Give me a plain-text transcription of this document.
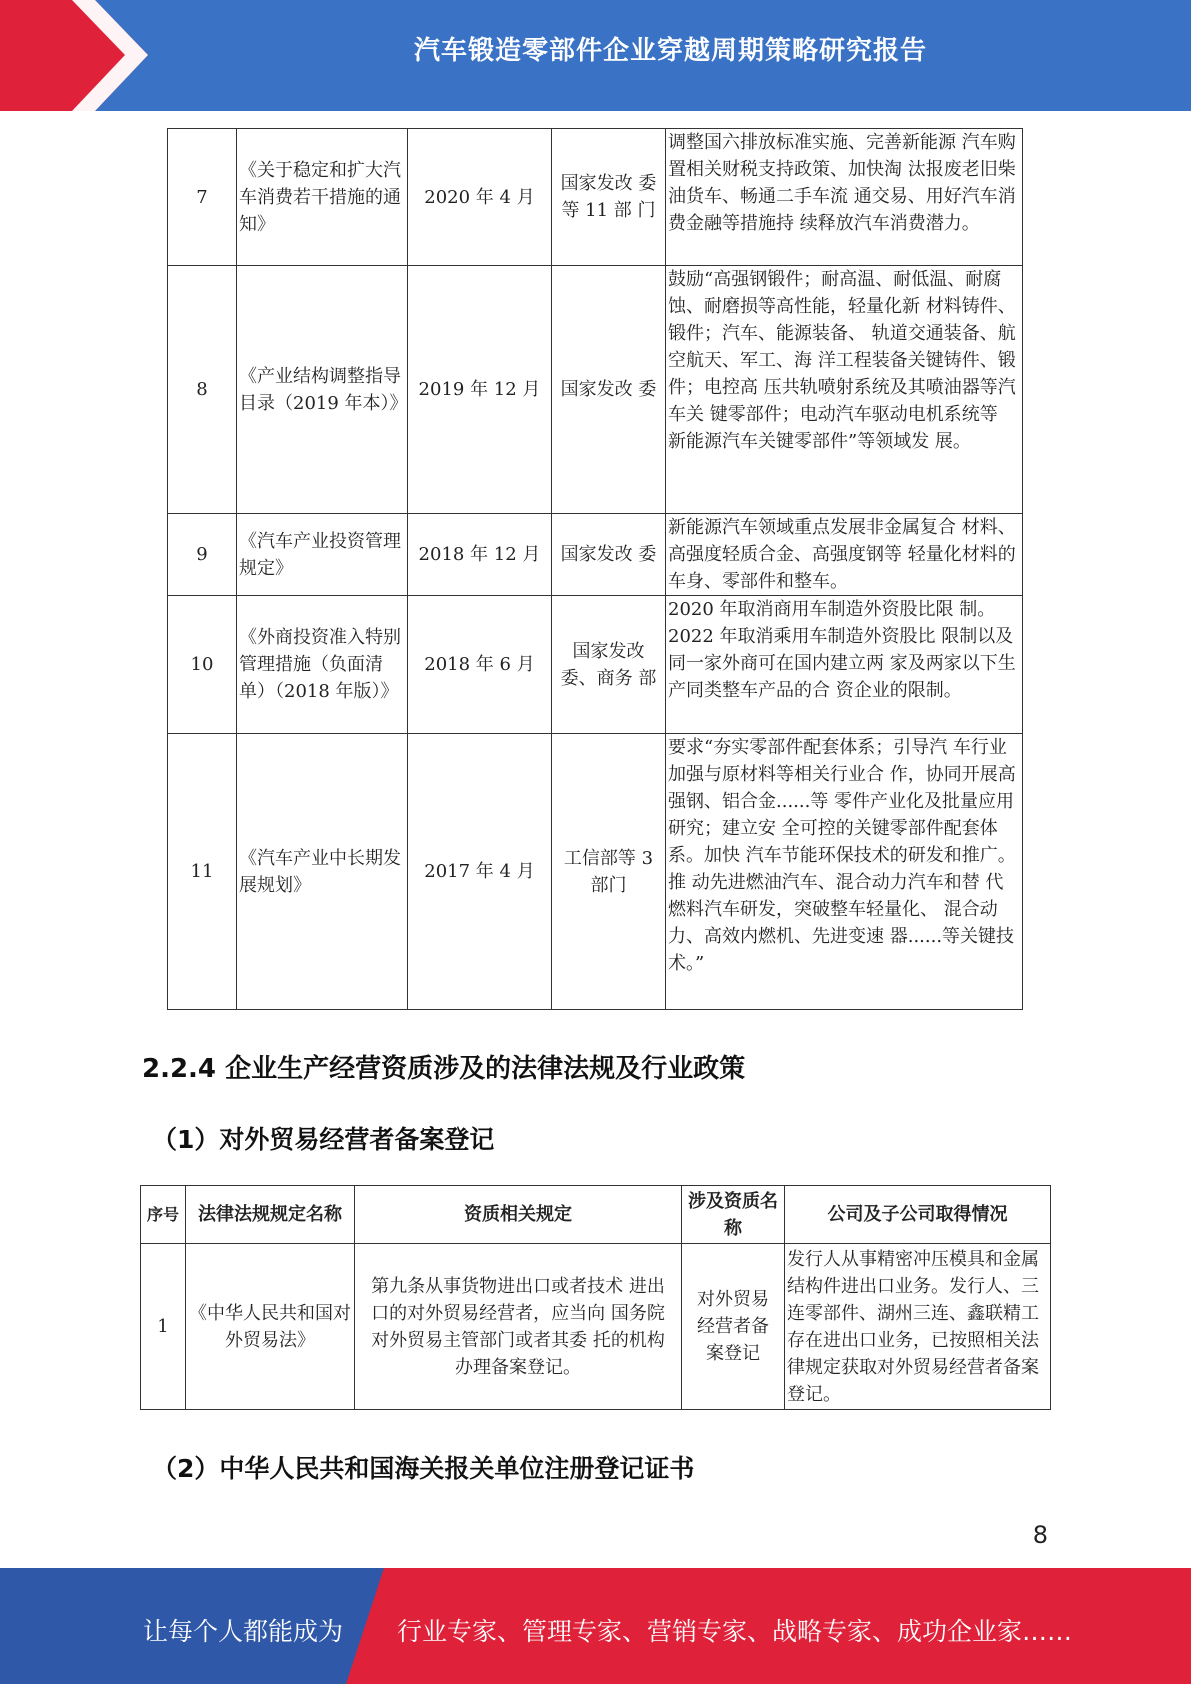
汽车锻造零部件企业穿越周期策略研究报告
7	《关于稳定和扩大汽车消费若干措施的通知》	2020 年 4 月	国家发改 委等 11 部 门	调整国六排放标准实施、完善新能源 汽车购置相关财税支持政策、加快淘 汰报废老旧柴油货车、畅通二手车流 通交易、用好汽车消费金融等措施持 续释放汽车消费潜力。
8	《产业结构调整指导目录（2019 年本）》	2019 年 12 月	国家发改 委	鼓励“高强钢锻件；耐高温、耐低温、耐腐蚀、耐磨损等高性能，轻量化新 材料铸件、锻件；汽车、能源装备、 轨道交通装备、航空航天、军工、海 洋工程装备关键铸件、锻件；电控高 压共轨喷射系统及其喷油器等汽车关 键零部件；电动汽车驱动电机系统等 新能源汽车关键零部件”等领域发 展。
9	《汽车产业投资管理规定》	2018 年 12 月	国家发改 委	新能源汽车领域重点发展非金属复合 材料、高强度轻质合金、高强度钢等 轻量化材料的车身、零部件和整车。
10	《外商投资准入特别管理措施（负面清单）（2018 年版）》	2018 年 6 月	国家发改 委、商务 部	2020 年取消商用车制造外资股比限 制。2022 年取消乘用车制造外资股比 限制以及同一家外商可在国内建立两 家及两家以下生产同类整车产品的合 资企业的限制。
11	《汽车产业中长期发展规划》	2017 年 4 月	工信部等 3 部门	要求“夯实零部件配套体系；引导汽 车行业加强与原材料等相关行业合 作，协同开展高强钢、铝合金......等 零件产业化及批量应用研究；建立安 全可控的关键零部件配套体系。加快 汽车节能环保技术的研发和推广。推 动先进燃油汽车、混合动力汽车和替 代燃料汽车研发，突破整车轻量化、 混合动力、高效内燃机、先进变速 器......等关键技术。”
2.2.4 企业生产经营资质涉及的法律法规及行业政策
（1）对外贸易经营者备案登记
序号	法律法规规定名称	资质相关规定	涉及资质名称	公司及子公司取得情况
1	《中华人民共和国对外贸易法》	第九条从事货物进出口或者技术 进出口的对外贸易经营者，应当向 国务院对外贸易主管部门或者其委 托的机构办理备案登记。	对外贸易经营者备案登记	发行人从事精密冲压模具和金属结构件进出口业务。发行人、三连零部件、湖州三连、鑫联精工存在进出口业务，已按照相关法律规定获取对外贸易经营者备案登记。
（2）中华人民共和国海关报关单位注册登记证书
8
让每个人都能成为 行业专家、管理专家、营销专家、战略专家、成功企业家……
